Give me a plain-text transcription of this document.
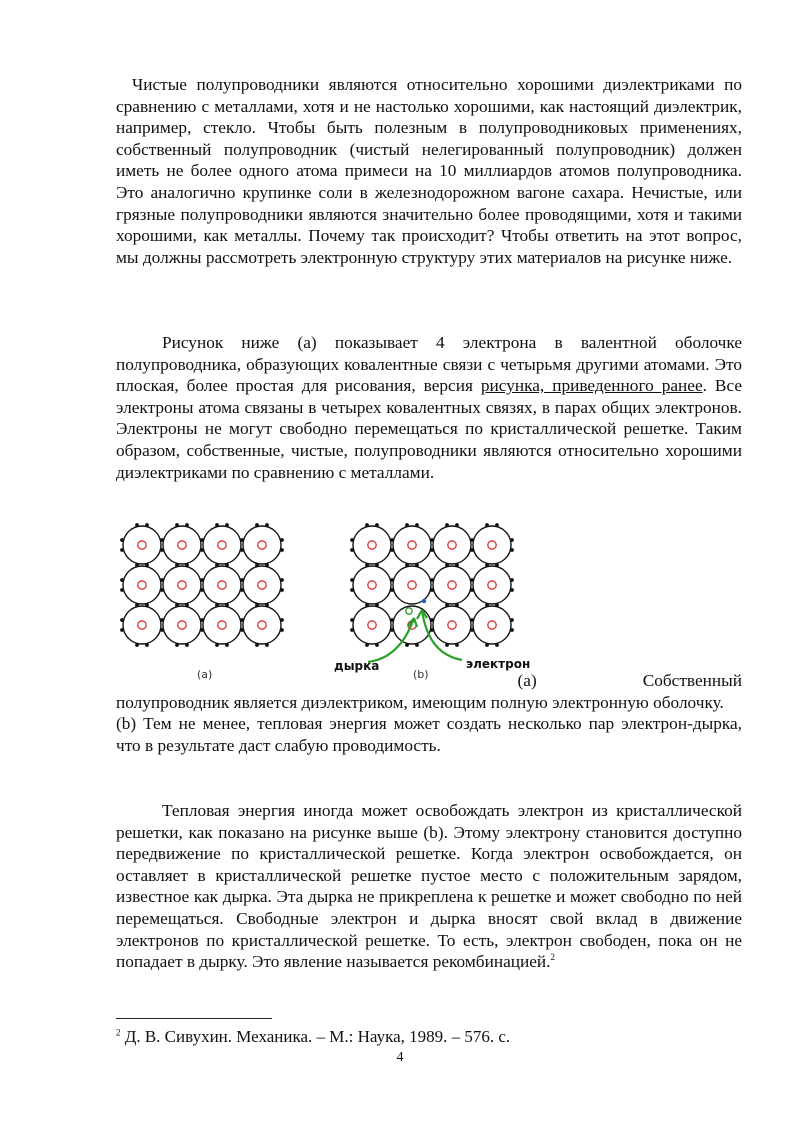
Чистые полупроводники являются относительно хорошими диэлектриками по сравнению с металлами, хотя и не настолько хорошими, как настоящий диэлектрик, например, стекло. Чтобы быть полезным в полупроводниковых применениях, собственный полупроводник (чистый нелегированный полупроводник) должен иметь не более одного атома примеси на 10 миллиардов атомов полупроводника. Это аналогично крупинке соли в железнодорожном вагоне сахара. Нечистые, или грязные полупроводники являются значительно более проводящими, хотя и такими хорошими, как металлы. Почему так происходит? Чтобы ответить на этот вопрос, мы должны рассмотреть электронную структуру этих материалов на рисунке ниже.

Рисунок ниже (а) показывает 4 электрона в валентной оболочке полупроводника, образующих ковалентные связи с четырьмя другими атомами. Это плоская, более простая для рисования, версия рисунка, приведенного ранее. Все электроны атома связаны в четырех ковалентных связях, в парах общих электронов. Электроны не могут свободно перемещаться по кристаллической решетке. Таким образом, собственные, чистые, полупроводники являются относительно хорошими диэлектриками по сравнению с металлами.

(a)	(b)
дырка	электрон

(a)	Собственный

полупроводник является диэлектриком, имеющим полную электронную оболочку.

(b) Тем не менее, тепловая энергия может создать несколько пар электрон-дырка, что в результате даст слабую проводимость.

Тепловая энергия иногда может освобождать электрон из кристаллической решетки, как показано на рисунке выше (b). Этому электрону становится доступно передвижение по кристаллической решетке. Когда электрон освобождается, он оставляет в кристаллической решетке пустое место с положительным зарядом, известное как дырка. Эта дырка не прикреплена к решетке и может свободно по ней перемещаться. Свободные электрон и дырка вносят свой вклад в движение электронов по кристаллической решетке. То есть, электрон свободен, пока он не попадает в дырку. Это явление называется рекомбинацией.$^2$

$^2$ Д. В. Сивухин. Механика. – М.: Наука, 1989. – 576. с.
4
